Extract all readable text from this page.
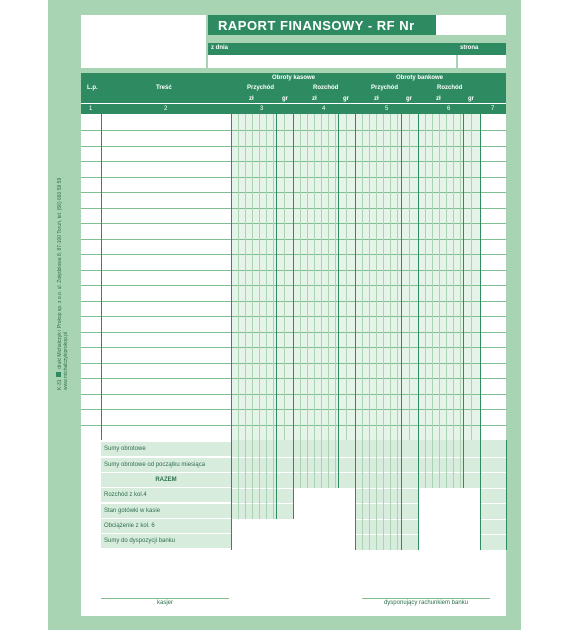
RAPORT FINANSOWY - RF Nr
z dnia	strona
L.p.	Treść
Obroty kasowe	Obroty bankowe
Przychód	Rozchód	Przychód	Rozchód
zł	gr	zł	gr	zł	gr	zł	gr
1	2	3	4	5	6	7
Sumy obrotowe
Sumy obrotowe od początku miesiąca
RAZEM
Rozchód z kol.4
Stan gotówki w kasie
Obciążenie z kol. 6
Sumy do dyspozycji banku
kasjer	dysponujący rachunkiem banku
K-31    druki Michalczyk i Prokop sp. z o.o. ul. Żołędziowa 8, 87-100 Toruń, tel. (56) 660 59 59
www.michalczykiprokop.pl
